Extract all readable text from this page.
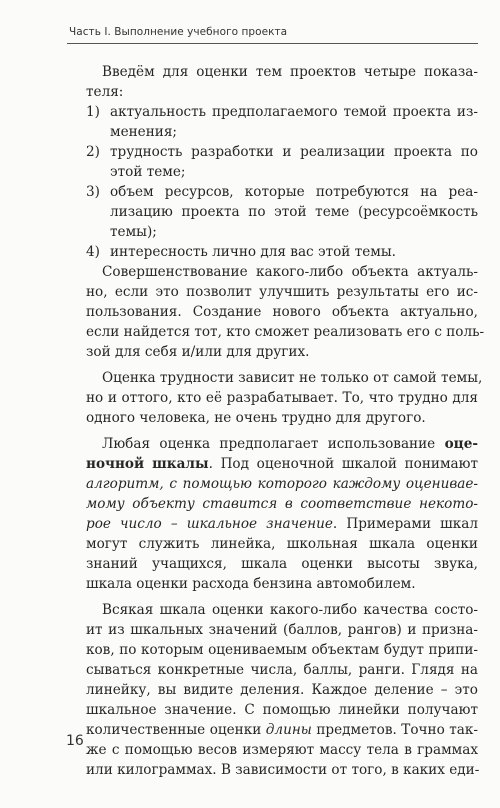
Часть I. Выполнение учебного проекта
Введём для оценки тем проектов четыре показа-
теля:
1) актуальность предполагаемого темой проекта из-
менения;
2) трудность разработки и реализации проекта по
этой теме;
3) объем ресурсов, которые потребуются на реа-
лизацию проекта по этой теме (ресурсоёмкость
темы);
4) интересность лично для вас этой темы.
Совершенствование какого-либо объекта актуаль-
но, если это позволит улучшить результаты его ис-
пользования. Создание нового объекта актуально,
если найдется тот, кто сможет реализовать его с поль-
зой для себя и/или для других.
Оценка трудности зависит не только от самой темы,
но и оттого, кто её разрабатывает. То, что трудно для
одного человека, не очень трудно для другого.
Любая оценка предполагает использование оце-
ночной шкалы. Под оценочной шкалой понимают
алгоритм, с помощью которого каждому оценивае-
мому объекту ставится в соответствие некото-
рое число – шкальное значение. Примерами шкал
могут служить линейка, школьная шкала оценки
знаний учащихся, шкала оценки высоты звука,
шкала оценки расхода бензина автомобилем.
Всякая шкала оценки какого-либо качества состо-
ит из шкальных значений (баллов, рангов) и призна-
ков, по которым оцениваемым объектам будут припи-
сываться конкретные числа, баллы, ранги. Глядя на
линейку, вы видите деления. Каждое деление – это
шкальное значение. С помощью линейки получают
количественные оценки длины предметов. Точно так-
же с помощью весов измеряют массу тела в граммах
или килограммах. В зависимости от того, в каких еди-
16
